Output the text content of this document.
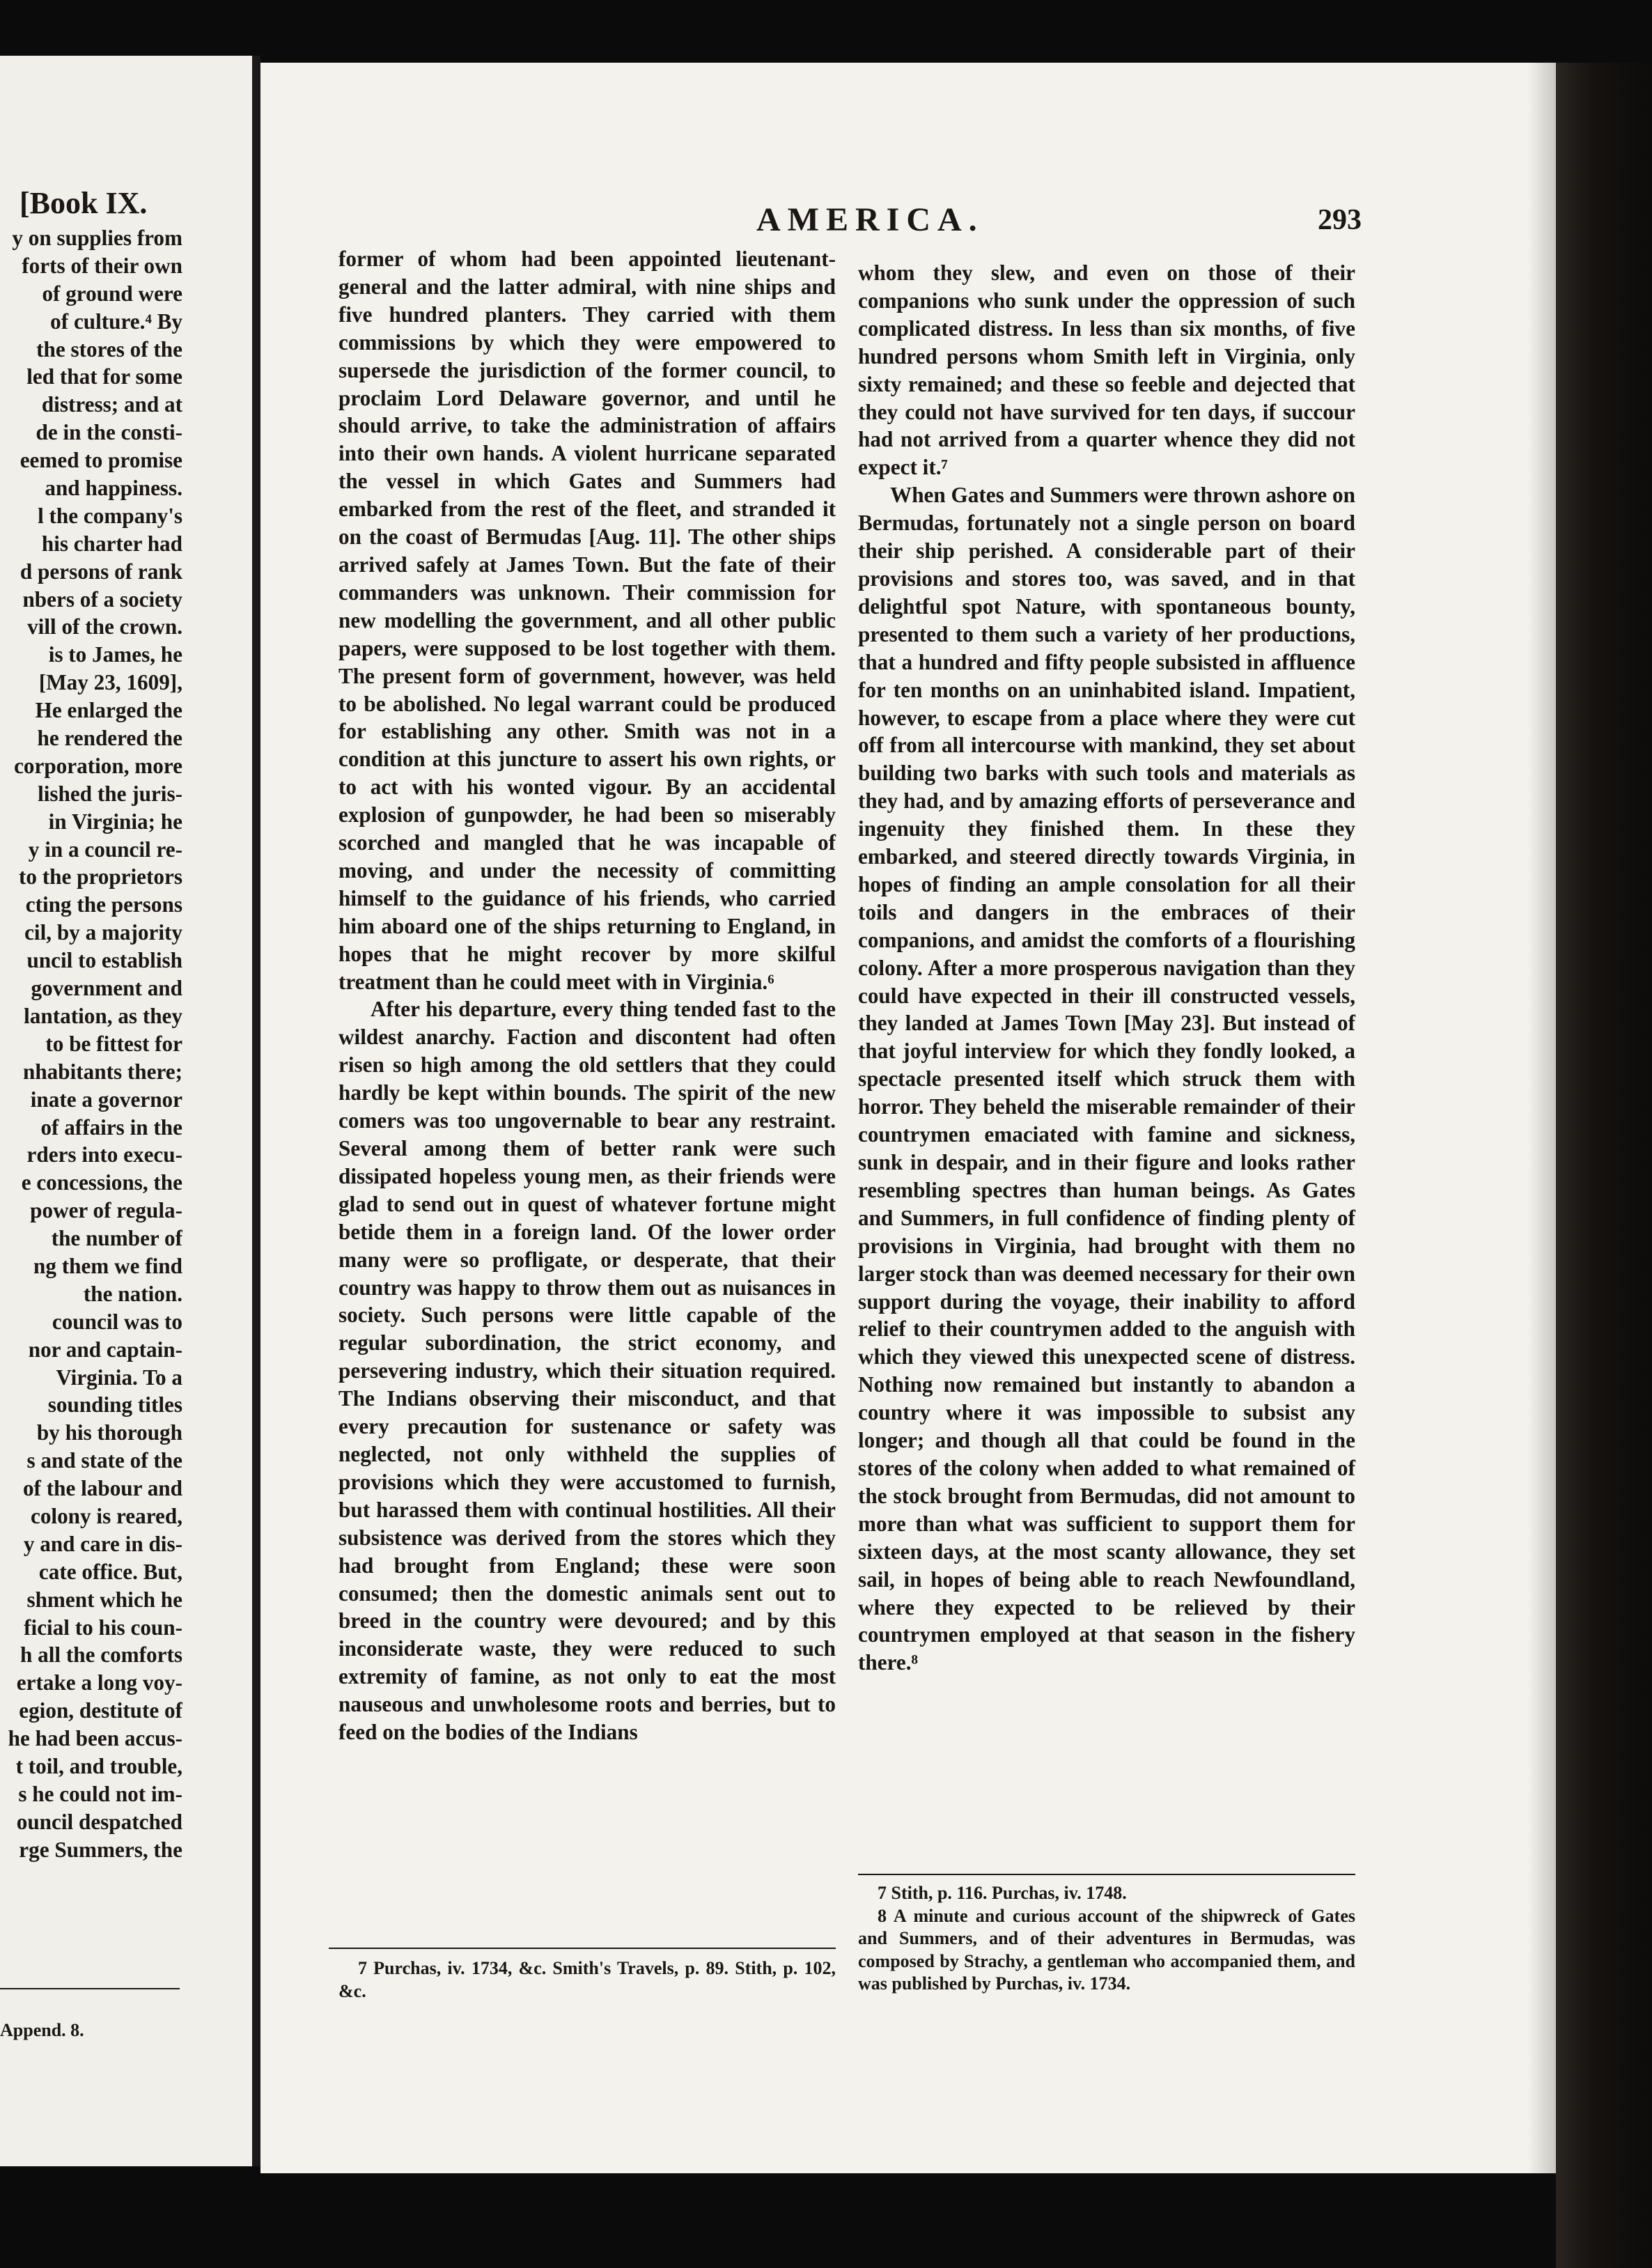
[Book IX.
y on supplies from
forts of their own
of ground were
of culture.⁴ By
the stores of the
led that for some
distress; and at
de in the consti-
eemed to promise
and happiness.
l the company's
his charter had
d persons of rank
nbers of a society
vill of the crown.
is to James, he
[May 23, 1609],
He enlarged the
he rendered the
corporation, more
lished the juris-
in Virginia; he
y in a council re-
to the proprietors
cting the persons
cil, by a majority
uncil to establish
government and
lantation, as they
to be fittest for
nhabitants there;
inate a governor
of affairs in the
rders into execu-
e concessions, the
power of regula-
the number of
ng them we find
the nation.
council was to
nor and captain-
Virginia. To a
sounding titles
by his thorough
s and state of the
of the labour and
colony is reared,
y and care in dis-
cate office. But,
shment which he
ficial to his coun-
h all the comforts
ertake a long voy-
egion, destitute of
he had been accus-
t toil, and trouble,
s he could not im-
ouncil despatched
rge Summers, the
Append. 8.
AMERICA.	293

former of whom had been appointed lieutenant-general and the latter admiral, with nine ships and five hundred planters. They carried with them commissions by which they were empowered to supersede the jurisdiction of the former council, to proclaim Lord Delaware governor, and until he should arrive, to take the administration of affairs into their own hands. A violent hurricane separated the vessel in which Gates and Summers had embarked from the rest of the fleet, and stranded it on the coast of Bermudas [Aug. 11]. The other ships arrived safely at James Town. But the fate of their commanders was unknown. Their commission for new modelling the government, and all other public papers, were supposed to be lost together with them. The present form of government, however, was held to be abolished. No legal warrant could be produced for establishing any other. Smith was not in a condition at this juncture to assert his own rights, or to act with his wonted vigour. By an accidental explosion of gunpowder, he had been so miserably scorched and mangled that he was incapable of moving, and under the necessity of committing himself to the guidance of his friends, who carried him aboard one of the ships returning to England, in hopes that he might recover by more skilful treatment than he could meet with in Virginia.⁶

After his departure, every thing tended fast to the wildest anarchy. Faction and discontent had often risen so high among the old settlers that they could hardly be kept within bounds. The spirit of the new comers was too ungovernable to bear any restraint. Several among them of better rank were such dissipated hopeless young men, as their friends were glad to send out in quest of whatever fortune might betide them in a foreign land. Of the lower order many were so profligate, or desperate, that their country was happy to throw them out as nuisances in society. Such persons were little capable of the regular subordination, the strict economy, and persevering industry, which their situation required. The Indians observing their misconduct, and that every precaution for sustenance or safety was neglected, not only withheld the supplies of provisions which they were accustomed to furnish, but harassed them with continual hostilities. All their subsistence was derived from the stores which they had brought from England; these were soon consumed; then the domestic animals sent out to breed in the country were devoured; and by this inconsiderate waste, they were reduced to such extremity of famine, as not only to eat the most nauseous and unwholesome roots and berries, but to feed on the bodies of the Indians

whom they slew, and even on those of their companions who sunk under the oppression of such complicated distress. In less than six months, of five hundred persons whom Smith left in Virginia, only sixty remained; and these so feeble and dejected that they could not have survived for ten days, if succour had not arrived from a quarter whence they did not expect it.⁷

When Gates and Summers were thrown ashore on Bermudas, fortunately not a single person on board their ship perished. A considerable part of their provisions and stores too, was saved, and in that delightful spot Nature, with spontaneous bounty, presented to them such a variety of her productions, that a hundred and fifty people subsisted in affluence for ten months on an uninhabited island. Impatient, however, to escape from a place where they were cut off from all intercourse with mankind, they set about building two barks with such tools and materials as they had, and by amazing efforts of perseverance and ingenuity they finished them. In these they embarked, and steered directly towards Virginia, in hopes of finding an ample consolation for all their toils and dangers in the embraces of their companions, and amidst the comforts of a flourishing colony. After a more prosperous navigation than they could have expected in their ill constructed vessels, they landed at James Town [May 23]. But instead of that joyful interview for which they fondly looked, a spectacle presented itself which struck them with horror. They beheld the miserable remainder of their countrymen emaciated with famine and sickness, sunk in despair, and in their figure and looks rather resembling spectres than human beings. As Gates and Summers, in full confidence of finding plenty of provisions in Virginia, had brought with them no larger stock than was deemed necessary for their own support during the voyage, their inability to afford relief to their countrymen added to the anguish with which they viewed this unexpected scene of distress. Nothing now remained but instantly to abandon a country where it was impossible to subsist any longer; and though all that could be found in the stores of the colony when added to what remained of the stock brought from Bermudas, did not amount to more than what was sufficient to support them for sixteen days, at the most scanty allowance, they set sail, in hopes of being able to reach Newfoundland, where they expected to be relieved by their countrymen employed at that season in the fishery there.⁸

7 Purchas, iv. 1734, &c. Smith's Travels, p. 89. Stith, p. 102, &c.

7 Stith, p. 116. Purchas, iv. 1748.

8 A minute and curious account of the shipwreck of Gates and Summers, and of their adventures in Bermudas, was composed by Strachy, a gentleman who accompanied them, and was published by Purchas, iv. 1734.
